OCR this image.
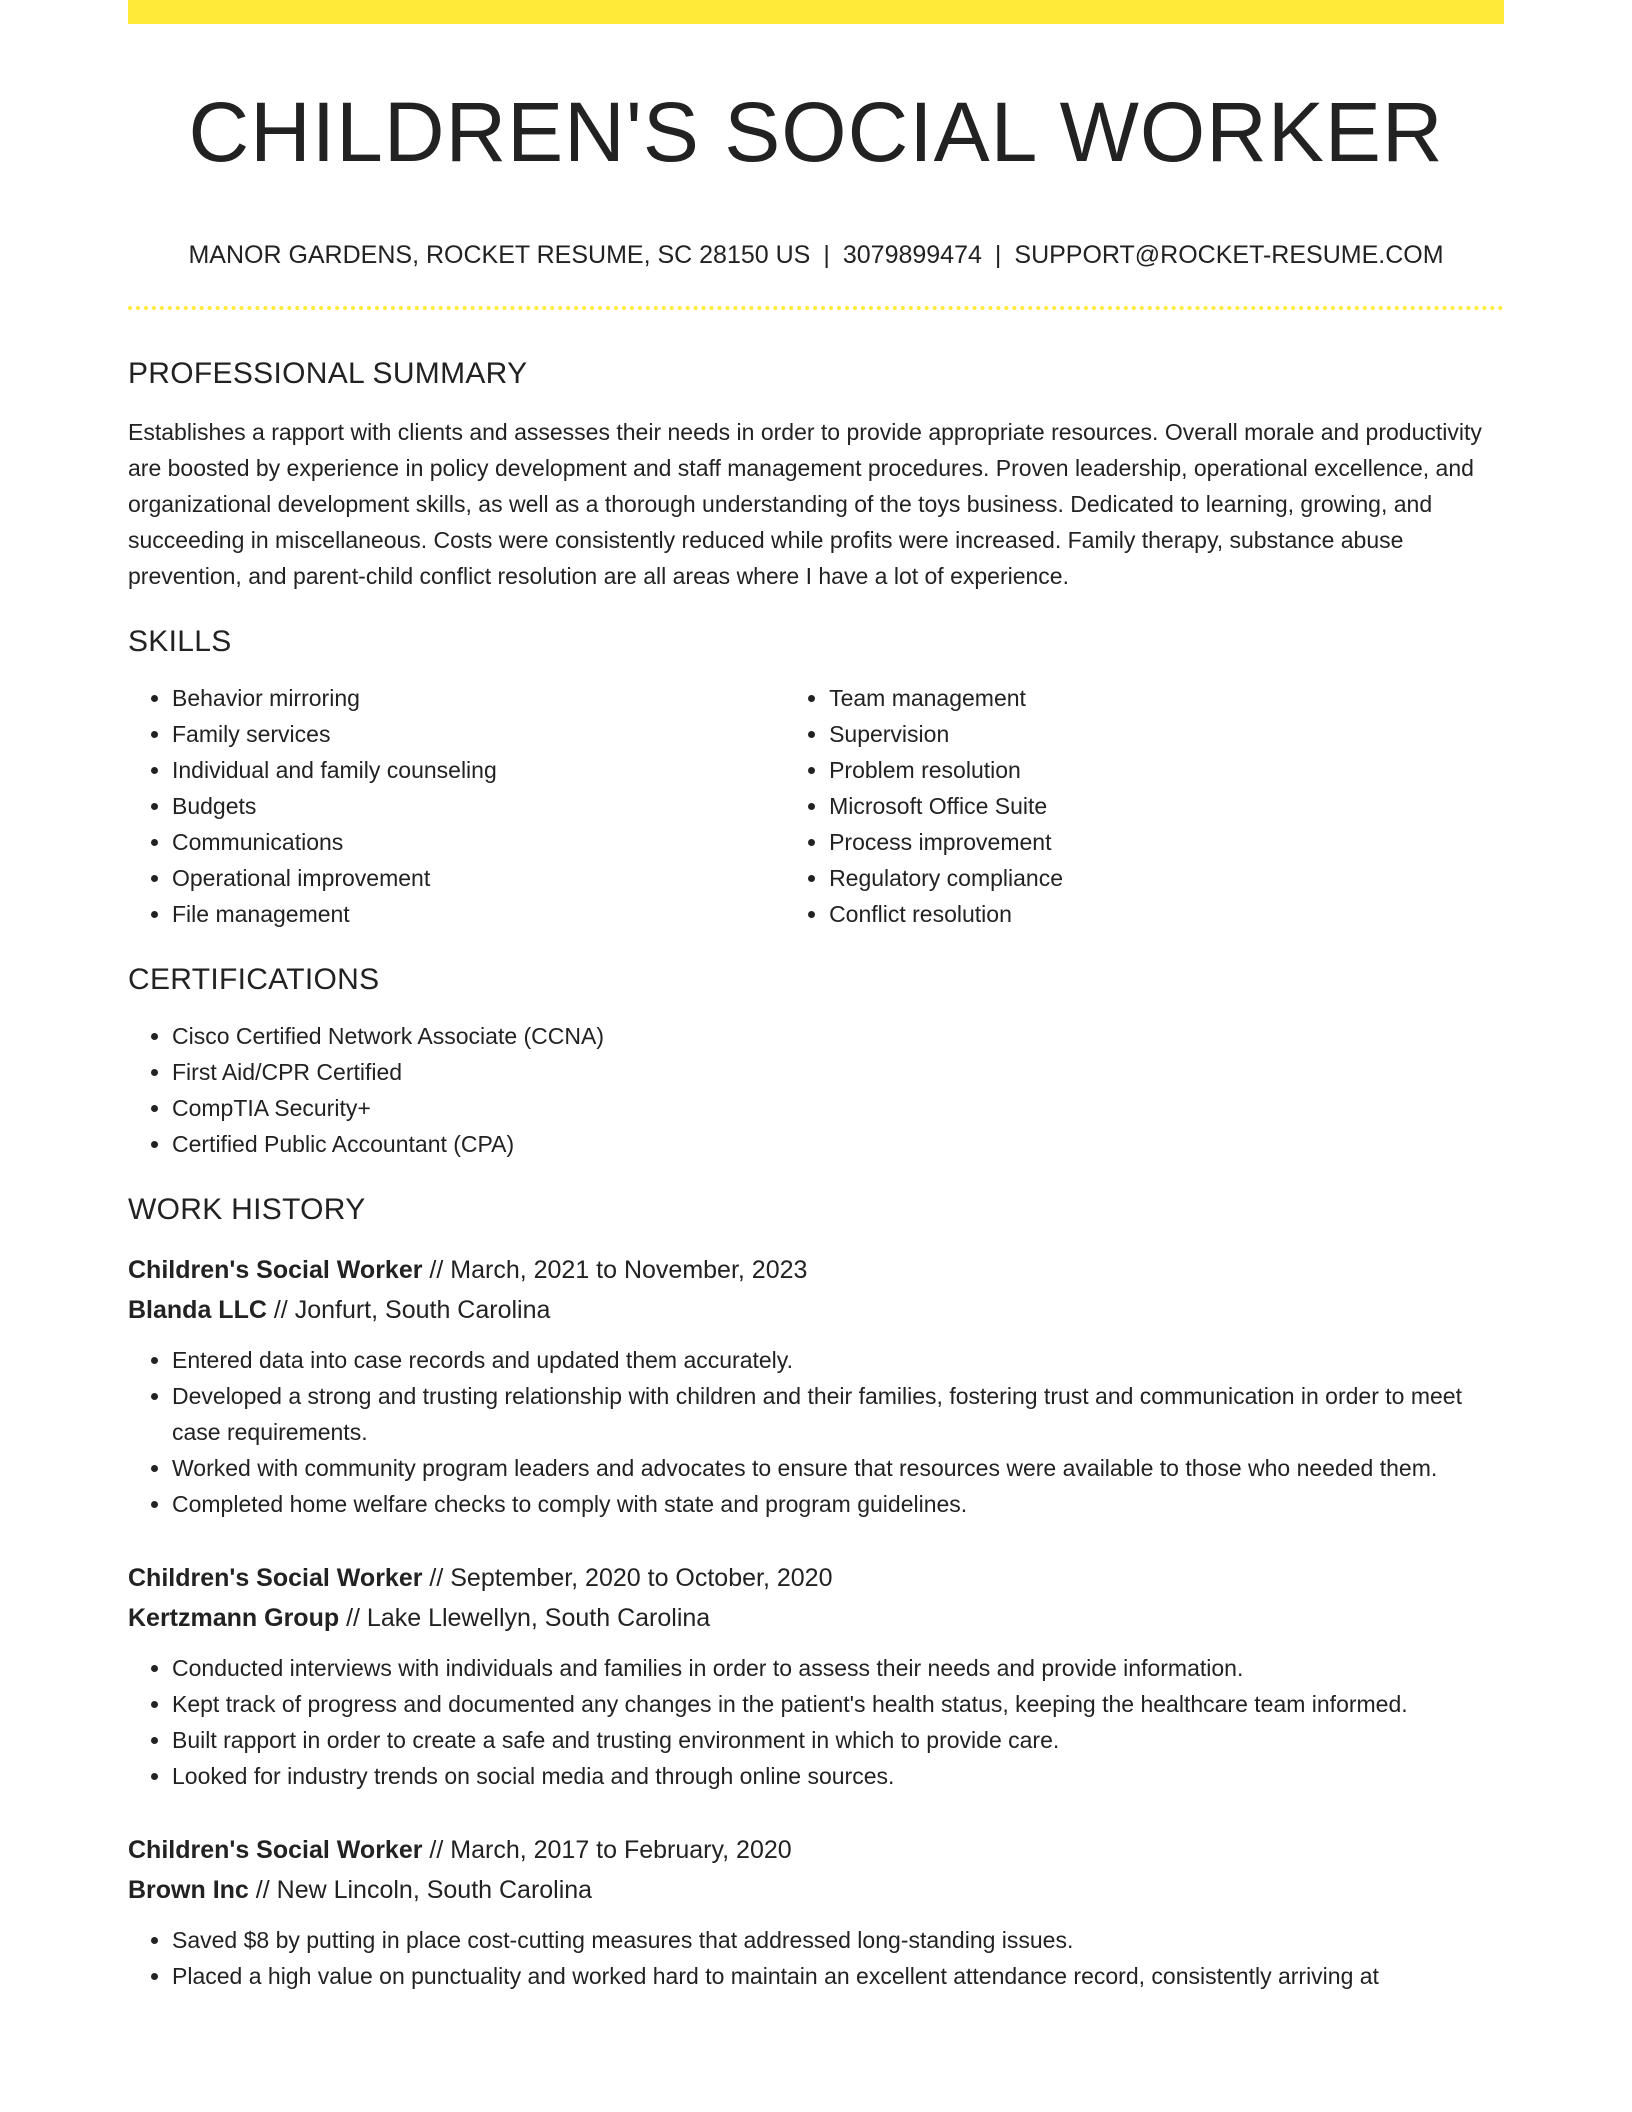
CHILDREN'S SOCIAL WORKER
MANOR GARDENS, ROCKET RESUME, SC 28150 US | 3079899474 | SUPPORT@ROCKET-RESUME.COM
PROFESSIONAL SUMMARY

Establishes a rapport with clients and assesses their needs in order to provide appropriate resources. Overall morale and productivity are boosted by experience in policy development and staff management procedures. Proven leadership, operational excellence, and organizational development skills, as well as a thorough understanding of the toys business. Dedicated to learning, growing, and succeeding in miscellaneous. Costs were consistently reduced while profits were increased. Family therapy, substance abuse prevention, and parent-child conflict resolution are all areas where I have a lot of experience.

SKILLS
• Behavior mirroring
• Family services
• Individual and family counseling
• Budgets
• Communications
• Operational improvement
• File management
• Team management
• Supervision
• Problem resolution
• Microsoft Office Suite
• Process improvement
• Regulatory compliance
• Conflict resolution
CERTIFICATIONS
• Cisco Certified Network Associate (CCNA)
• First Aid/CPR Certified
• CompTIA Security+
• Certified Public Accountant (CPA)
WORK HISTORY
Children's Social Worker // March, 2021 to November, 2023
Blanda LLC // Jonfurt, South Carolina
• Entered data into case records and updated them accurately.
• Developed a strong and trusting relationship with children and their families, fostering trust and communication in order to meet case requirements.
• Worked with community program leaders and advocates to ensure that resources were available to those who needed them.
• Completed home welfare checks to comply with state and program guidelines.
Children's Social Worker // September, 2020 to October, 2020
Kertzmann Group // Lake Llewellyn, South Carolina
• Conducted interviews with individuals and families in order to assess their needs and provide information.
• Kept track of progress and documented any changes in the patient's health status, keeping the healthcare team informed.
• Built rapport in order to create a safe and trusting environment in which to provide care.
• Looked for industry trends on social media and through online sources.
Children's Social Worker // March, 2017 to February, 2020
Brown Inc // New Lincoln, South Carolina
• Saved $8 by putting in place cost-cutting measures that addressed long-standing issues.
• Placed a high value on punctuality and worked hard to maintain an excellent attendance record, consistently arriving at
